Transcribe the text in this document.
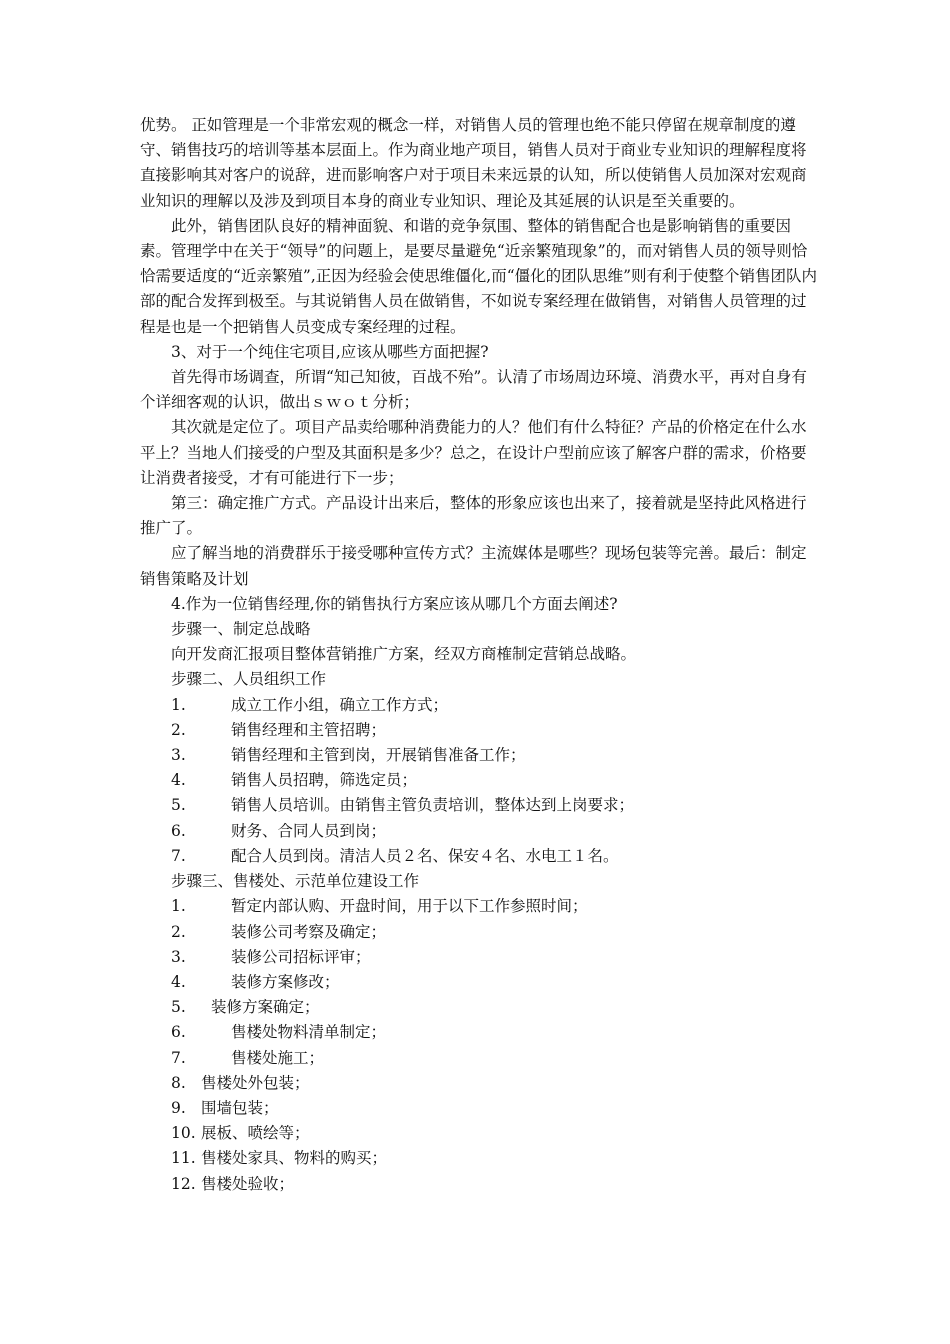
优势。 正如管理是一个非常宏观的概念一样，对销售人员的管理也绝不能只停留在规章制度的遵守、销售技巧的培训等基本层面上。作为商业地产项目，销售人员对于商业专业知识的理解程度将直接影响其对客户的说辞，进而影响客户对于项目未来远景的认知，所以使销售人员加深对宏观商业知识的理解以及涉及到项目本身的商业专业知识、理论及其延展的认识是至关重要的。

此外，销售团队良好的精神面貌、和谐的竞争氛围、整体的销售配合也是影响销售的重要因素。管理学中在关于“领导”的问题上，是要尽量避免“近亲繁殖现象”的，而对销售人员的领导则恰恰需要适度的“近亲繁殖”,正因为经验会使思维僵化,而“僵化的团队思维”则有利于使整个销售团队内部的配合发挥到极至。与其说销售人员在做销售，不如说专案经理在做销售，对销售人员管理的过程是也是一个把销售人员变成专案经理的过程。

3、对于一个纯住宅项目,应该从哪些方面把握?

首先得市场调查，所谓“知己知彼，百战不殆”。认清了市场周边环境、消费水平，再对自身有个详细客观的认识，做出ｓｗｏｔ分析；

其次就是定位了。项目产品卖给哪种消费能力的人？他们有什么特征？产品的价格定在什么水平上？当地人们接受的户型及其面积是多少？总之，在设计户型前应该了解客户群的需求，价格要让消费者接受，才有可能进行下一步；

第三：确定推广方式。产品设计出来后，整体的形象应该也出来了，接着就是坚持此风格进行推广了。

应了解当地的消费群乐于接受哪种宣传方式？主流媒体是哪些？现场包装等完善。最后：制定销售策略及计划

4.作为一位销售经理,你的销售执行方案应该从哪几个方面去阐述?

步骤一、制定总战略

向开发商汇报项目整体营销推广方案，经双方商榷制定营销总战略。

步骤二、人员组织工作

1.	成立工作小组，确立工作方式；
2.	销售经理和主管招聘；
3.	销售经理和主管到岗，开展销售准备工作；
4.	销售人员招聘，筛选定员；
5.	销售人员培训。由销售主管负责培训，整体达到上岗要求；
6.	财务、合同人员到岗；
7.	配合人员到岗。清洁人员２名、保安４名、水电工１名。

步骤三、售楼处、示范单位建设工作

1.	暂定内部认购、开盘时间，用于以下工作参照时间；
2.	装修公司考察及确定；
3.	装修公司招标评审；
4.	装修方案修改；
5.	装修方案确定；
6.	售楼处物料清单制定；
7.	售楼处施工；
8. 售楼处外包装；
9. 围墙包装；
10. 展板、喷绘等；
11. 售楼处家具、物料的购买；
12. 售楼处验收；
